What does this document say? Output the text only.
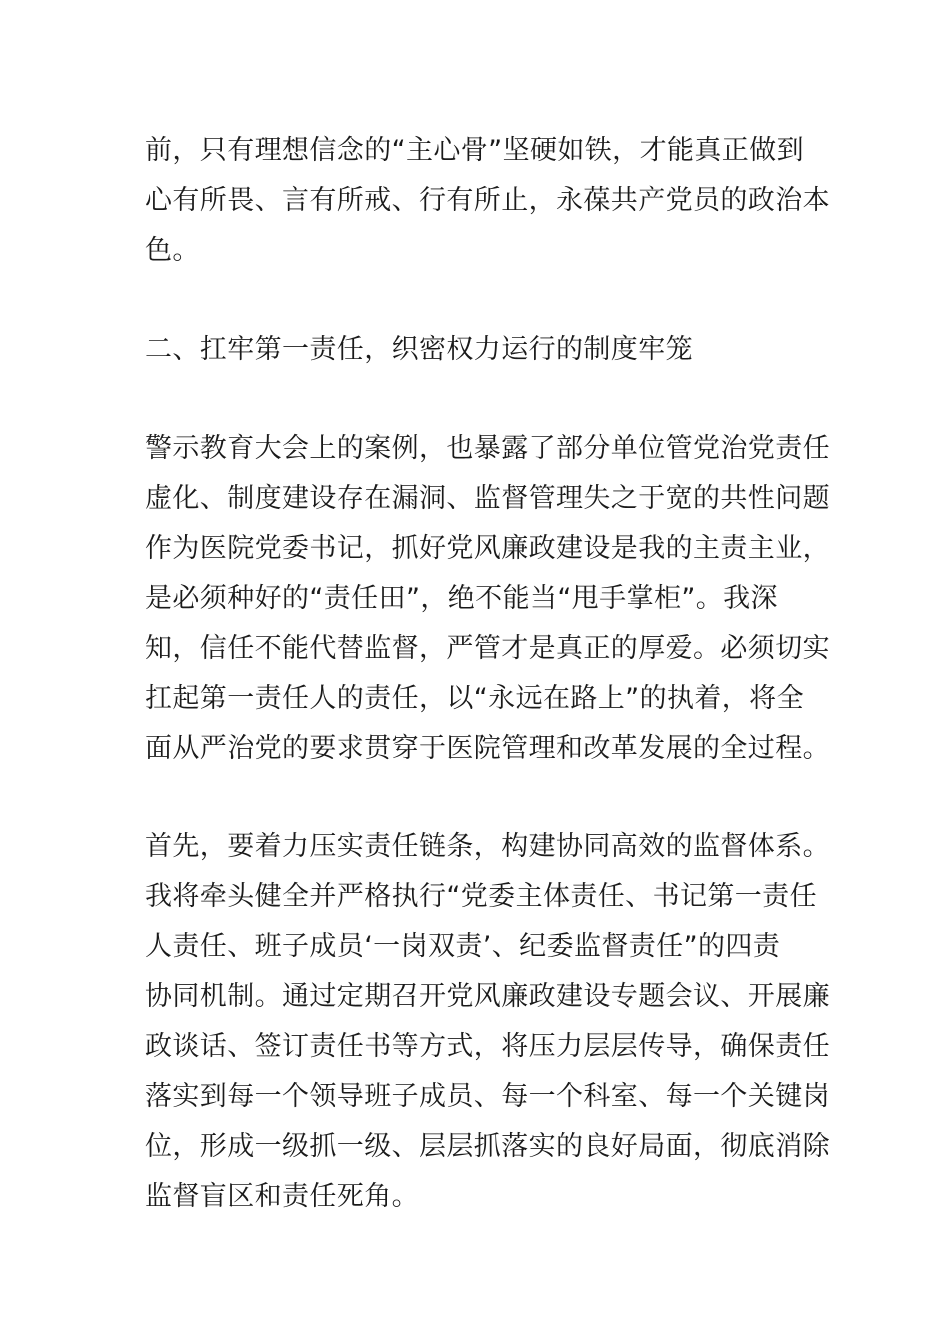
前，只有理想信念的“主心骨”坚硬如铁，才能真正做到
心有所畏、言有所戒、行有所止，永葆共产党员的政治本
色。
二、扛牢第一责任，织密权力运行的制度牢笼
警示教育大会上的案例，也暴露了部分单位管党治党责任
虚化、制度建设存在漏洞、监督管理失之于宽的共性问题
作为医院党委书记，抓好党风廉政建设是我的主责主业，
是必须种好的“责任田”，绝不能当“甩手掌柜”。我深
知，信任不能代替监督，严管才是真正的厚爱。必须切实
扛起第一责任人的责任，以“永远在路上”的执着，将全
面从严治党的要求贯穿于医院管理和改革发展的全过程。
首先，要着力压实责任链条，构建协同高效的监督体系。
我将牵头健全并严格执行“党委主体责任、书记第一责任
人责任、班子成员‘一岗双责’、纪委监督责任”的四责
协同机制。通过定期召开党风廉政建设专题会议、开展廉
政谈话、签订责任书等方式，将压力层层传导，确保责任
落实到每一个领导班子成员、每一个科室、每一个关键岗
位，形成一级抓一级、层层抓落实的良好局面，彻底消除
监督盲区和责任死角。
